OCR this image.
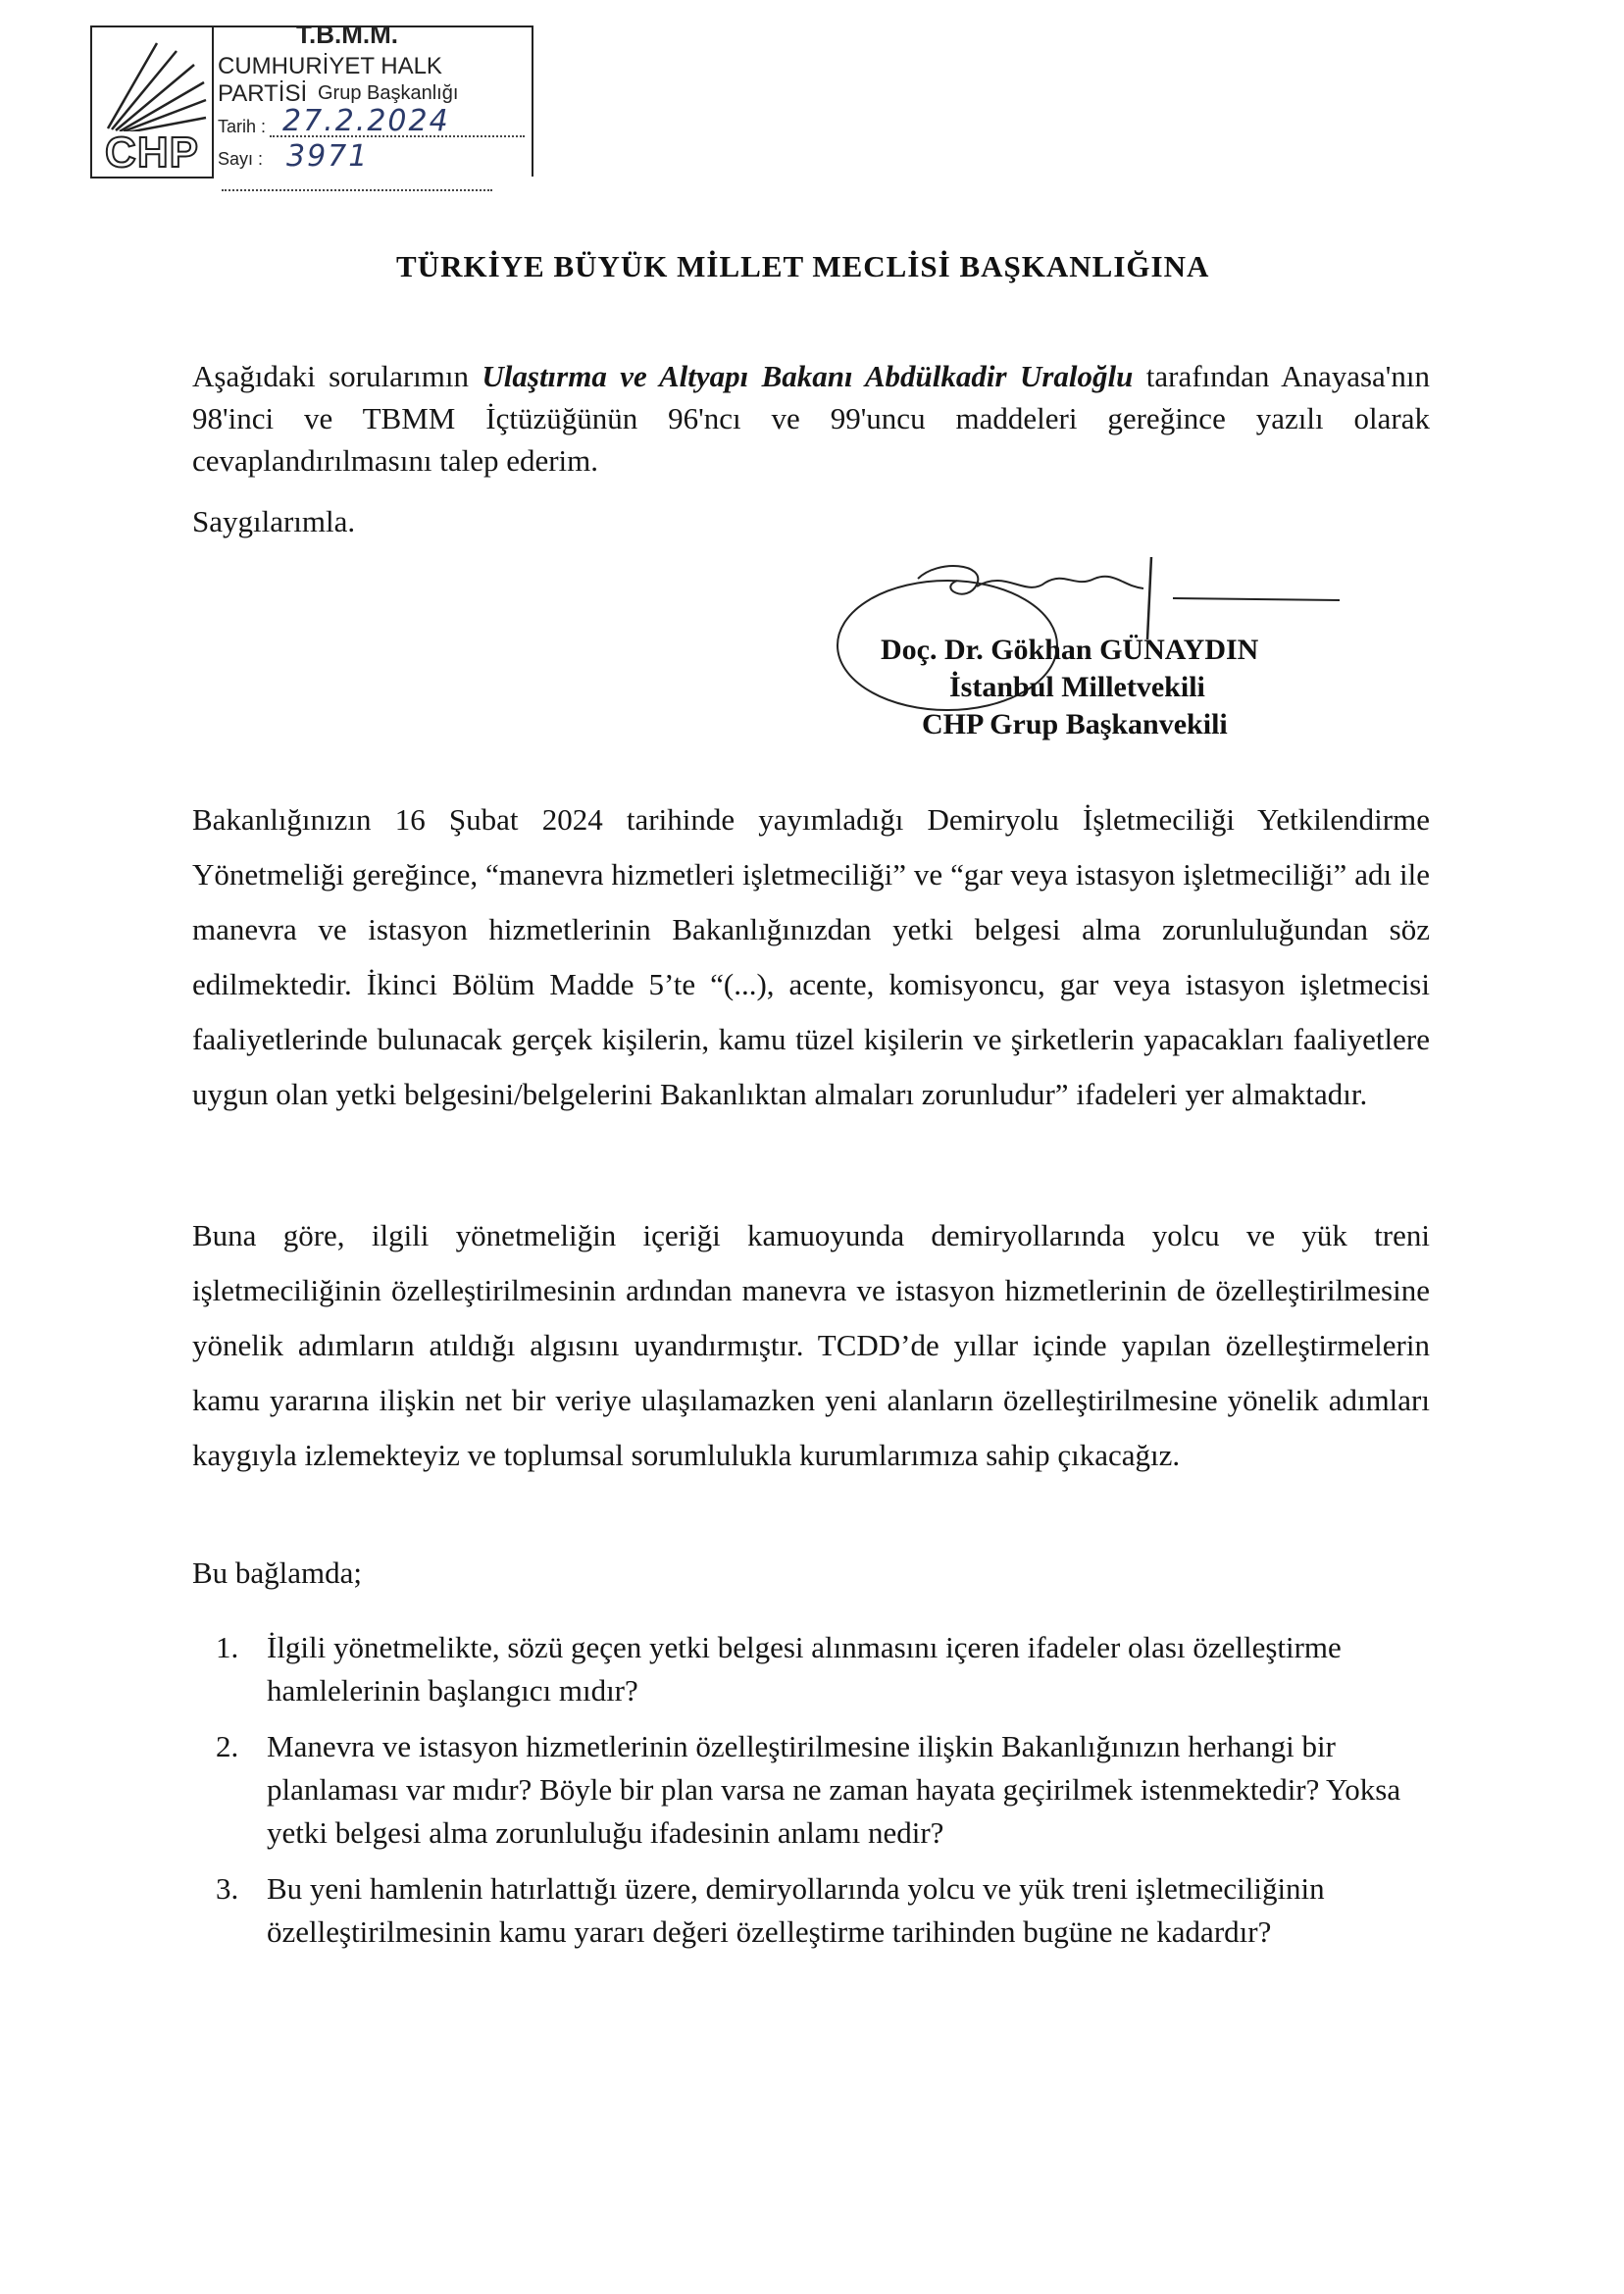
CHP
T.B.M.M.
CUMHURİYET HALK PARTİSİ Grup Başkanlığı
Tarih : 27.2.2024
Sayı : 3971
TÜRKİYE BÜYÜK MİLLET MECLİSİ BAŞKANLIĞINA
Aşağıdaki sorularımın Ulaştırma ve Altyapı Bakanı Abdülkadir Uraloğlu tarafından Anayasa'nın 98'inci ve TBMM İçtüzüğünün 96'ncı ve 99'uncu maddeleri gereğince yazılı olarak cevaplandırılmasını talep ederim.
Saygılarımla.
Doç. Dr. Gökhan GÜNAYDIN
İstanbul Milletvekili
CHP Grup Başkanvekili
Bakanlığınızın 16 Şubat 2024 tarihinde yayımladığı Demiryolu İşletmeciliği Yetkilendirme Yönetmeliği gereğince, “manevra hizmetleri işletmeciliği” ve “gar veya istasyon işletmeciliği” adı ile manevra ve istasyon hizmetlerinin Bakanlığınızdan yetki belgesi alma zorunluluğundan söz edilmektedir. İkinci Bölüm Madde 5’te “(...), acente, komisyoncu, gar veya istasyon işletmecisi faaliyetlerinde bulunacak gerçek kişilerin, kamu tüzel kişilerin ve şirketlerin yapacakları faaliyetlere uygun olan yetki belgesini/belgelerini Bakanlıktan almaları zorunludur” ifadeleri yer almaktadır.
Buna göre, ilgili yönetmeliğin içeriği kamuoyunda demiryollarında yolcu ve yük treni işletmeciliğinin özelleştirilmesinin ardından manevra ve istasyon hizmetlerinin de özelleştirilmesine yönelik adımların atıldığı algısını uyandırmıştır. TCDD’de yıllar içinde yapılan özelleştirmelerin kamu yararına ilişkin net bir veriye ulaşılamazken yeni alanların özelleştirilmesine yönelik adımları kaygıyla izlemekteyiz ve toplumsal sorumlulukla kurumlarımıza sahip çıkacağız.
Bu bağlamda;
1. İlgili yönetmelikte, sözü geçen yetki belgesi alınmasını içeren ifadeler olası özelleştirme hamlelerinin başlangıcı mıdır?
2. Manevra ve istasyon hizmetlerinin özelleştirilmesine ilişkin Bakanlığınızın herhangi bir planlaması var mıdır? Böyle bir plan varsa ne zaman hayata geçirilmek istenmektedir? Yoksa yetki belgesi alma zorunluluğu ifadesinin anlamı nedir?
3. Bu yeni hamlenin hatırlattığı üzere, demiryollarında yolcu ve yük treni işletmeciliğinin özelleştirilmesinin kamu yararı değeri özelleştirme tarihinden bugüne ne kadardır?
